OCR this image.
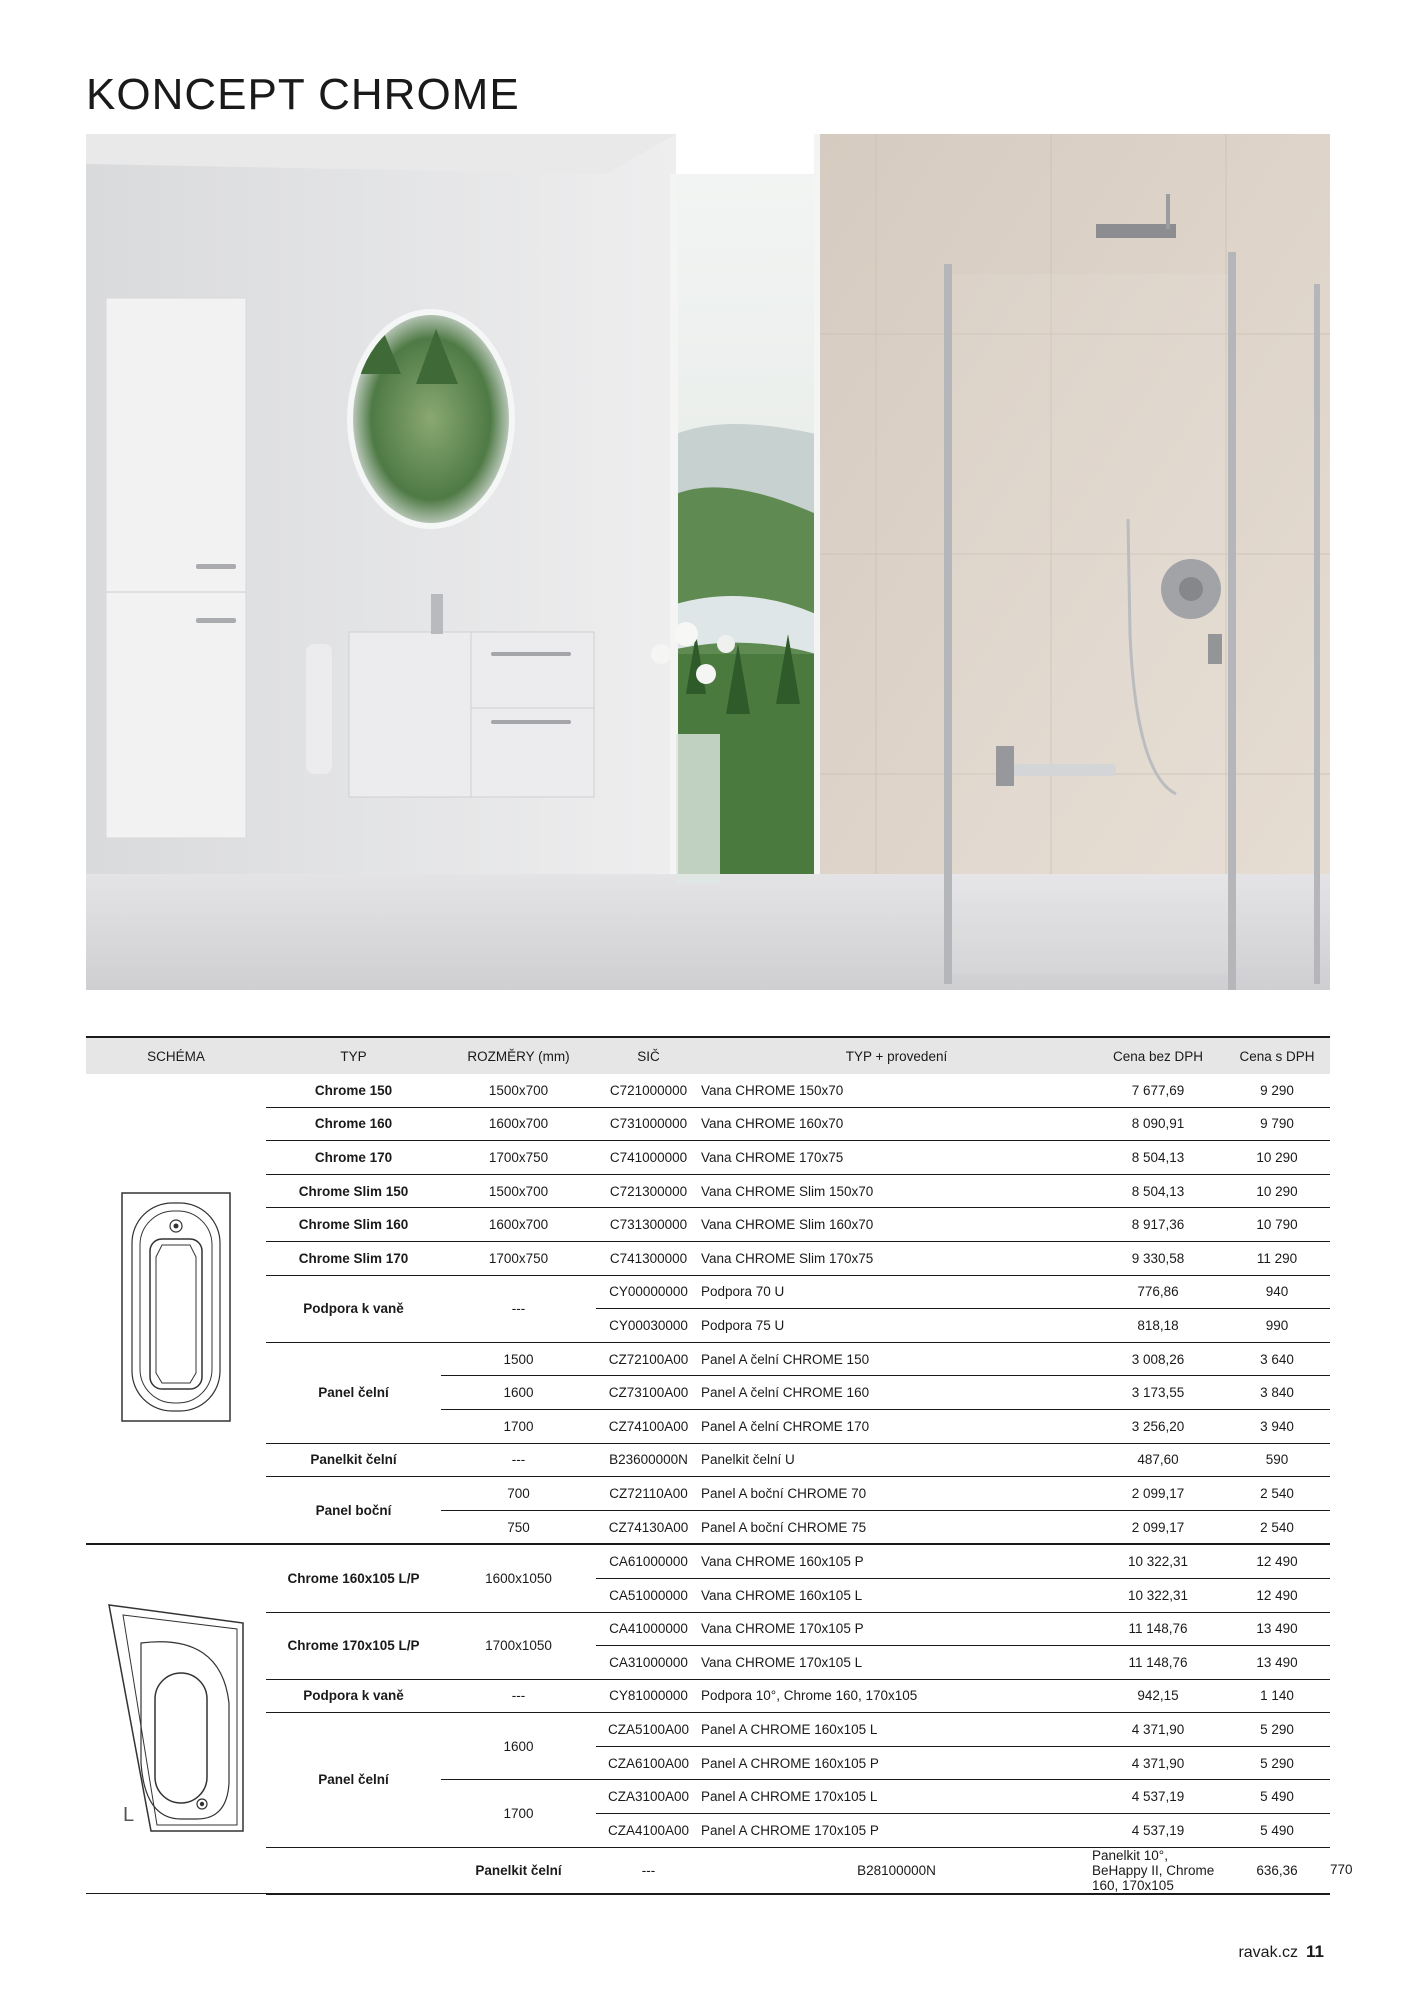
KONCEPT CHROME
SCHÉMA	TYP	ROZMĚRY (mm)	SIČ	TYP + provedení	Cena bez DPH	Cena s DPH	
	Chrome 150	1500x700	C721000000	Vana CHROME 150x70	7 677,69	9 290	
	Chrome 160	1600x700	C731000000	Vana CHROME 160x70	8 090,91	9 790	
	Chrome 170	1700x750	C741000000	Vana CHROME 170x75	8 504,13	10 290	
	Chrome Slim 150	1500x700	C721300000	Vana CHROME Slim 150x70	8 504,13	10 290	
	Chrome Slim 160	1600x700	C731300000	Vana CHROME Slim 160x70	8 917,36	10 790	
	Chrome Slim 170	1700x750	C741300000	Vana CHROME Slim 170x75	9 330,58	11 290	
	Podpora k vaně	---	CY00000000	Podpora 70 U	776,86	940	
			CY00030000	Podpora 75 U	818,18	990	
	Panel čelní	1500	CZ72100A00	Panel A čelní CHROME 150	3 008,26	3 640	
		1600	CZ73100A00	Panel A čelní CHROME 160	3 173,55	3 840	
		1700	CZ74100A00	Panel A čelní CHROME 170	3 256,20	3 940	
	Panelkit čelní	---	B23600000N	Panelkit čelní U	487,60	590	
	Panel boční	700	CZ72110A00	Panel A boční CHROME 70	2 099,17	2 540	
		750	CZ74130A00	Panel A boční CHROME 75	2 099,17	2 540	

L	Chrome 160x105 L/P	1600x1050	CA61000000	Vana CHROME 160x105 P	10 322,31	12 490	
			CA51000000	Vana CHROME 160x105 L	10 322,31	12 490	
	Chrome 170x105 L/P	1700x1050	CA41000000	Vana CHROME 170x105 P	11 148,76	13 490	
			CA31000000	Vana CHROME 170x105 L	11 148,76	13 490	
	Podpora k vaně	---	CY81000000	Podpora 10°, Chrome 160, 170x105	942,15	1 140	
	Panel čelní	1600	CZA5100A00	Panel A CHROME 160x105 L	4 371,90	5 290	
			CZA6100A00	Panel A CHROME 160x105 P	4 371,90	5 290	
		1700	CZA3100A00	Panel A CHROME 170x105 L	4 537,19	5 490	
			CZA4100A00	Panel A CHROME 170x105 P	4 537,19	5 490	
		Panelkit čelní	---	B28100000N	Panelkit 10°, BeHappy II, Chrome 160, 170x105	636,36	770
ravak.cz 11
